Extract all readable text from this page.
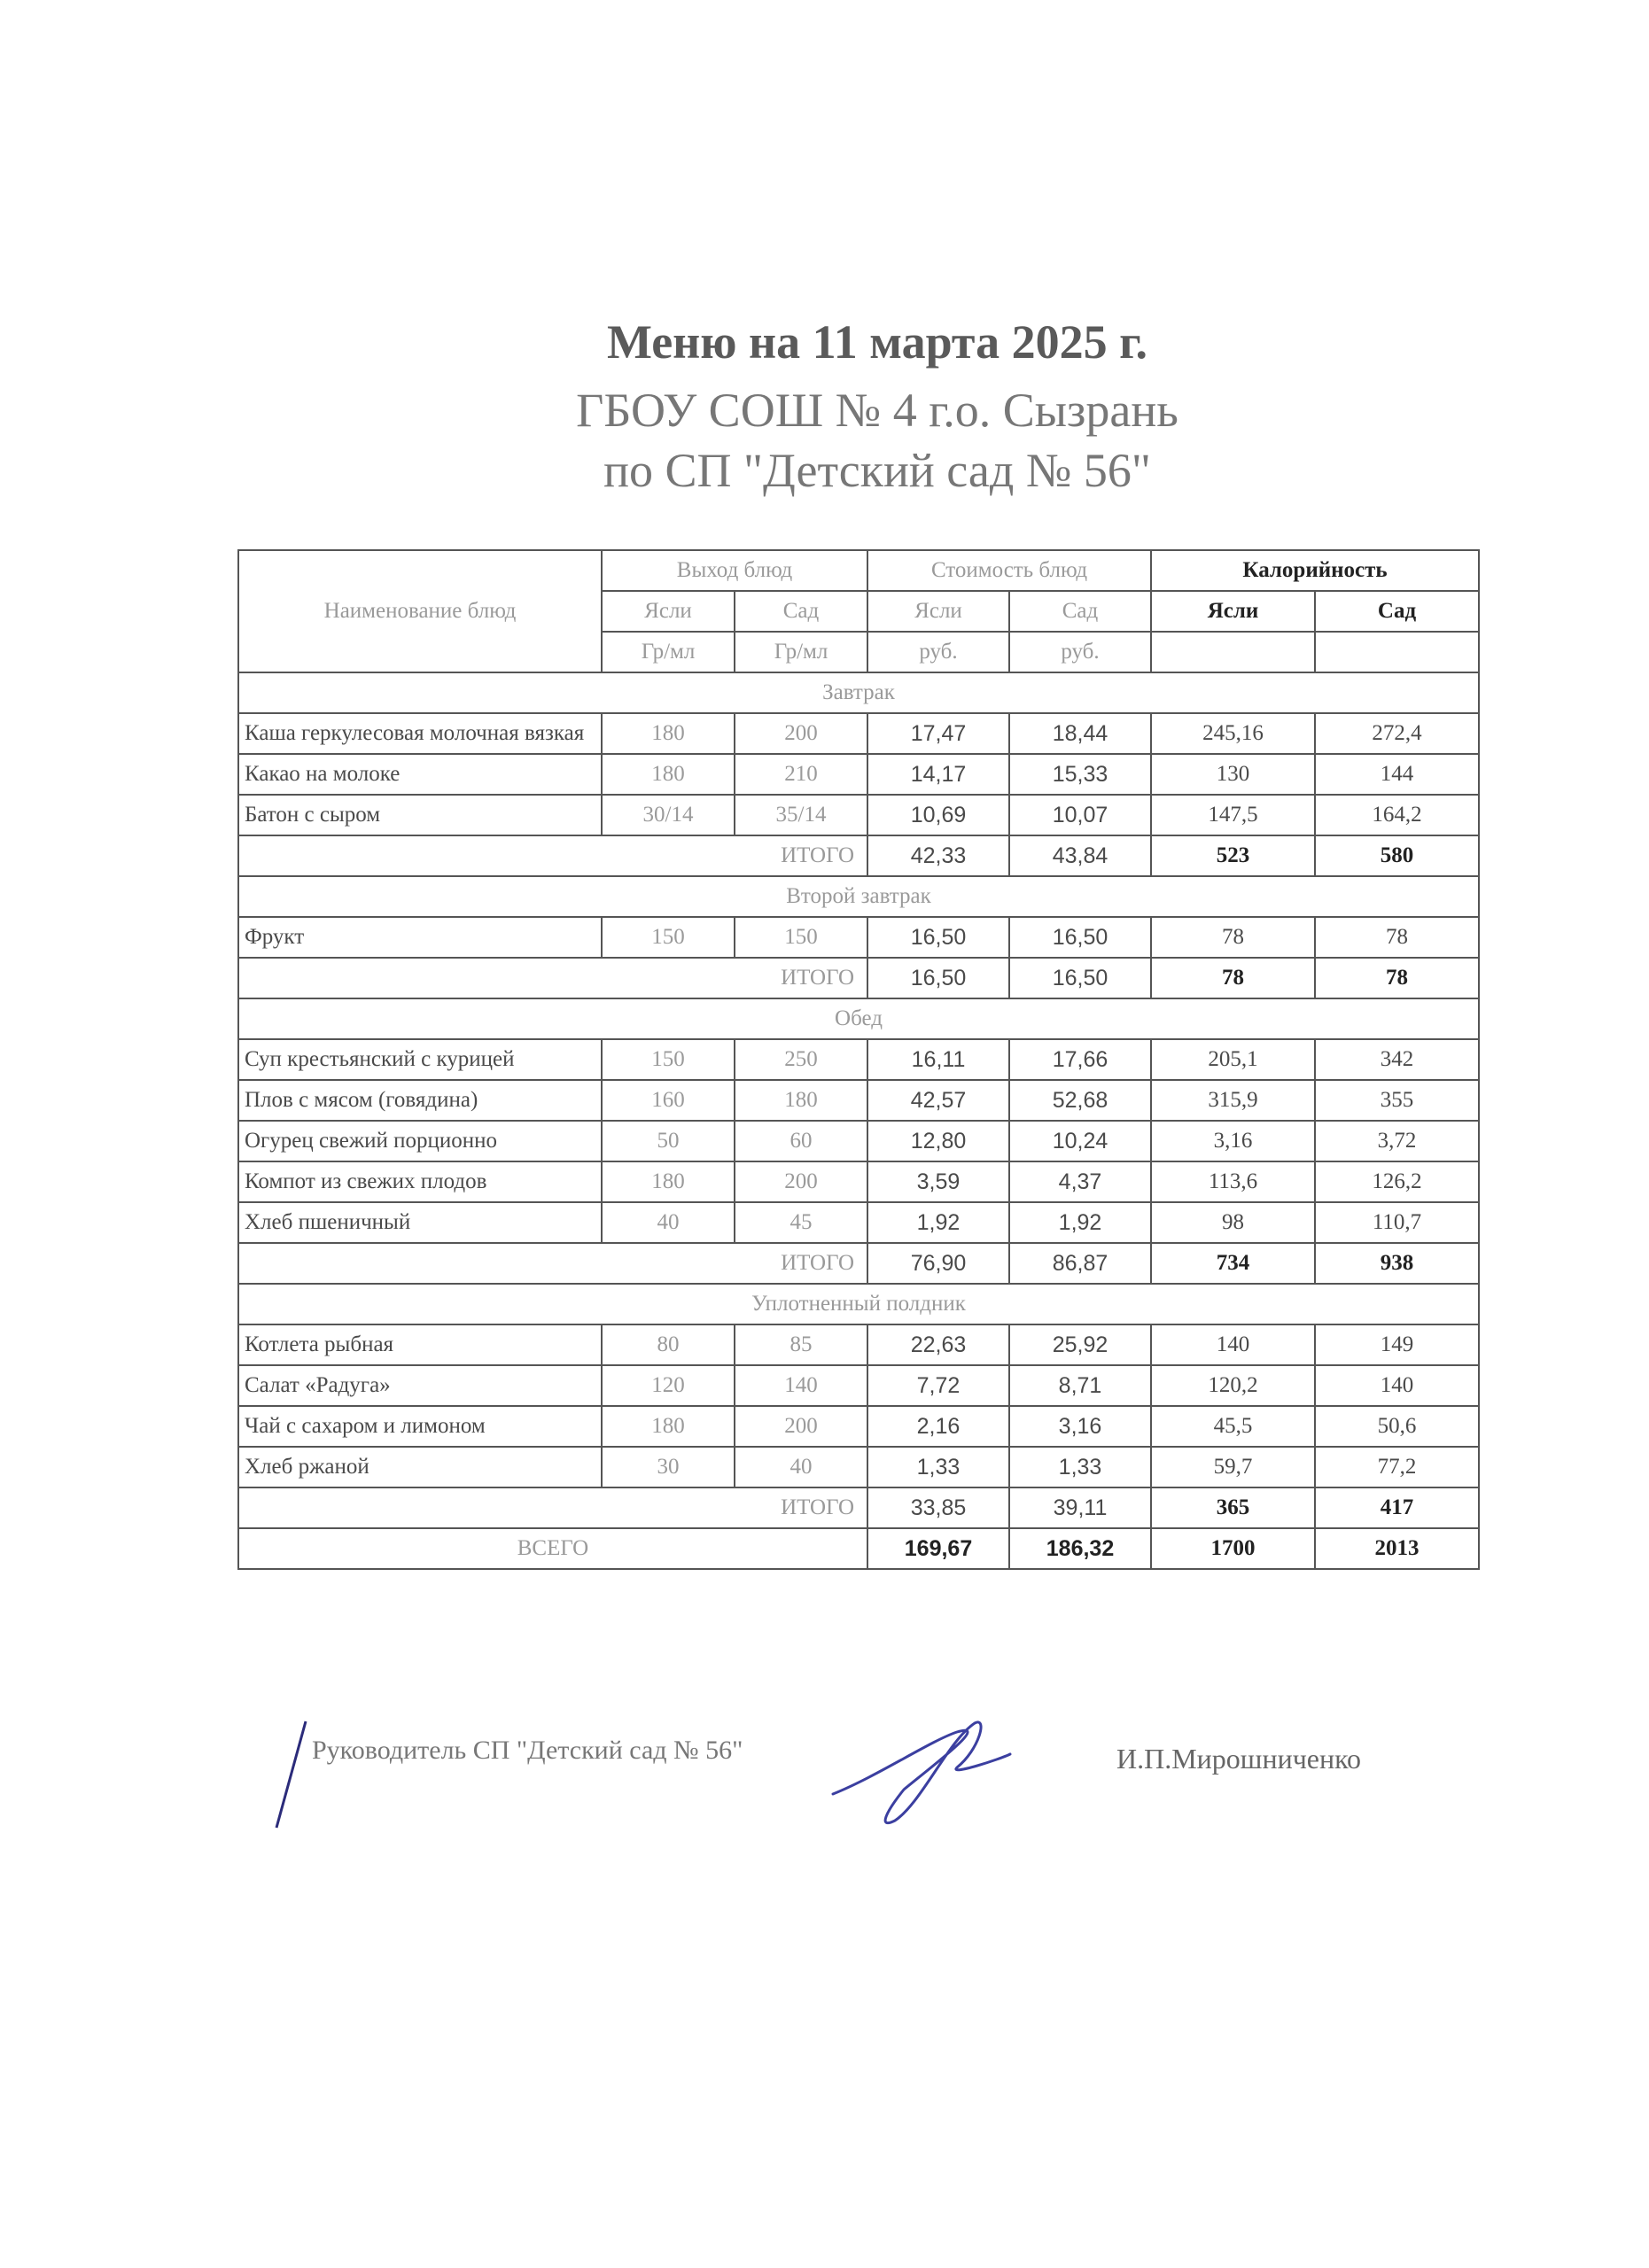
Меню на 11 марта 2025 г.
ГБОУ СОШ № 4 г.о. Сызрань
по СП "Детский сад № 56"
Наименование блюд	Выход блюд		Стоимость блюд		Калорийность	
	Ясли	Сад	Ясли	Сад	Ясли	Сад
	Гр/мл	Гр/мл	руб.	руб.		
Завтрак						
Каша геркулесовая молочная вязкая	180	200	17,47	18,44	245,16	272,4
Какао на молоке	180	210	14,17	15,33	130	144
Батон с сыром	30/14	35/14	10,69	10,07	147,5	164,2
ИТОГО			42,33	43,84	523	580
Второй завтрак						
Фрукт	150	150	16,50	16,50	78	78
ИТОГО			16,50	16,50	78	78
Обед						
Суп крестьянский с курицей	150	250	16,11	17,66	205,1	342
Плов с мясом (говядина)	160	180	42,57	52,68	315,9	355
Огурец свежий порционно	50	60	12,80	10,24	3,16	3,72
Компот из свежих плодов	180	200	3,59	4,37	113,6	126,2
Хлеб пшеничный	40	45	1,92	1,92	98	110,7
ИТОГО			76,90	86,87	734	938
Уплотненный полдник						
Котлета рыбная	80	85	22,63	25,92	140	149
Салат «Радуга»	120	140	7,72	8,71	120,2	140
Чай с сахаром и лимоном	180	200	2,16	3,16	45,5	50,6
Хлеб ржаной	30	40	1,33	1,33	59,7	77,2
ИТОГО			33,85	39,11	365	417
ВСЕГО			169,67	186,32	1700	2013
Руководитель СП "Детский сад № 56"	И.П.Мирошниченко
